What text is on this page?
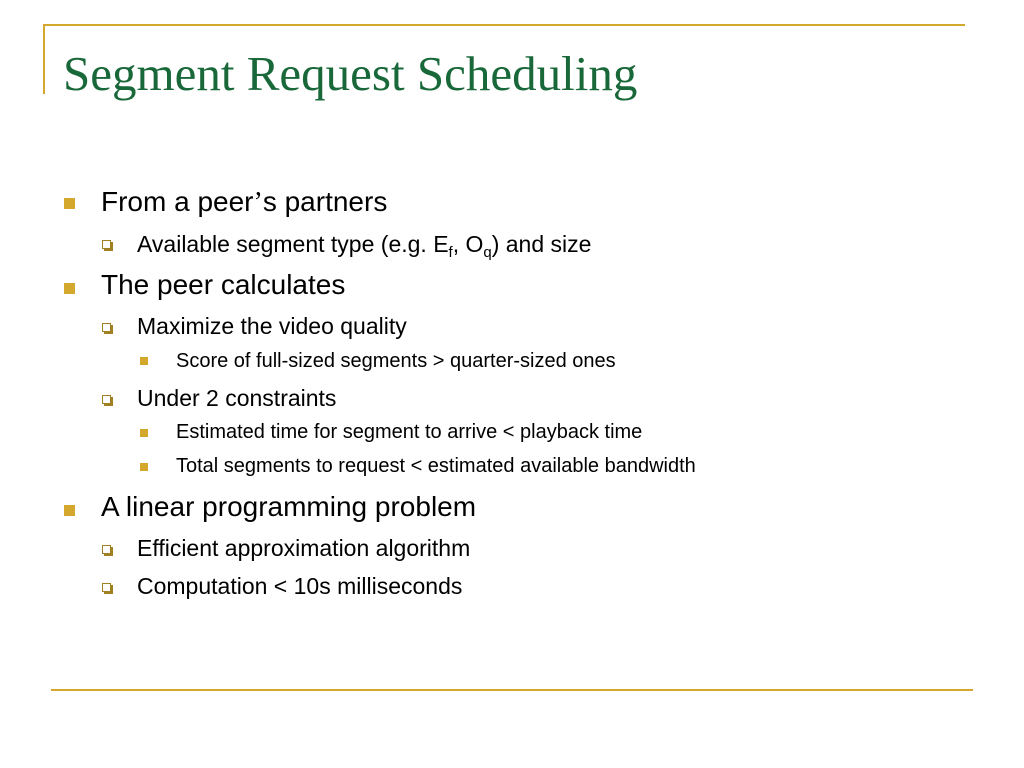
Segment Request Scheduling
From a peer’s partners
Available segment type (e.g. $E_f$, $O_q$) and size
The peer calculates
Maximize the video quality
Score of full-sized segments > quarter-sized ones
Under 2 constraints
Estimated time for segment to arrive < playback time
Total segments to request < estimated available bandwidth
A linear programming problem
Efficient approximation algorithm
Computation < 10s milliseconds
